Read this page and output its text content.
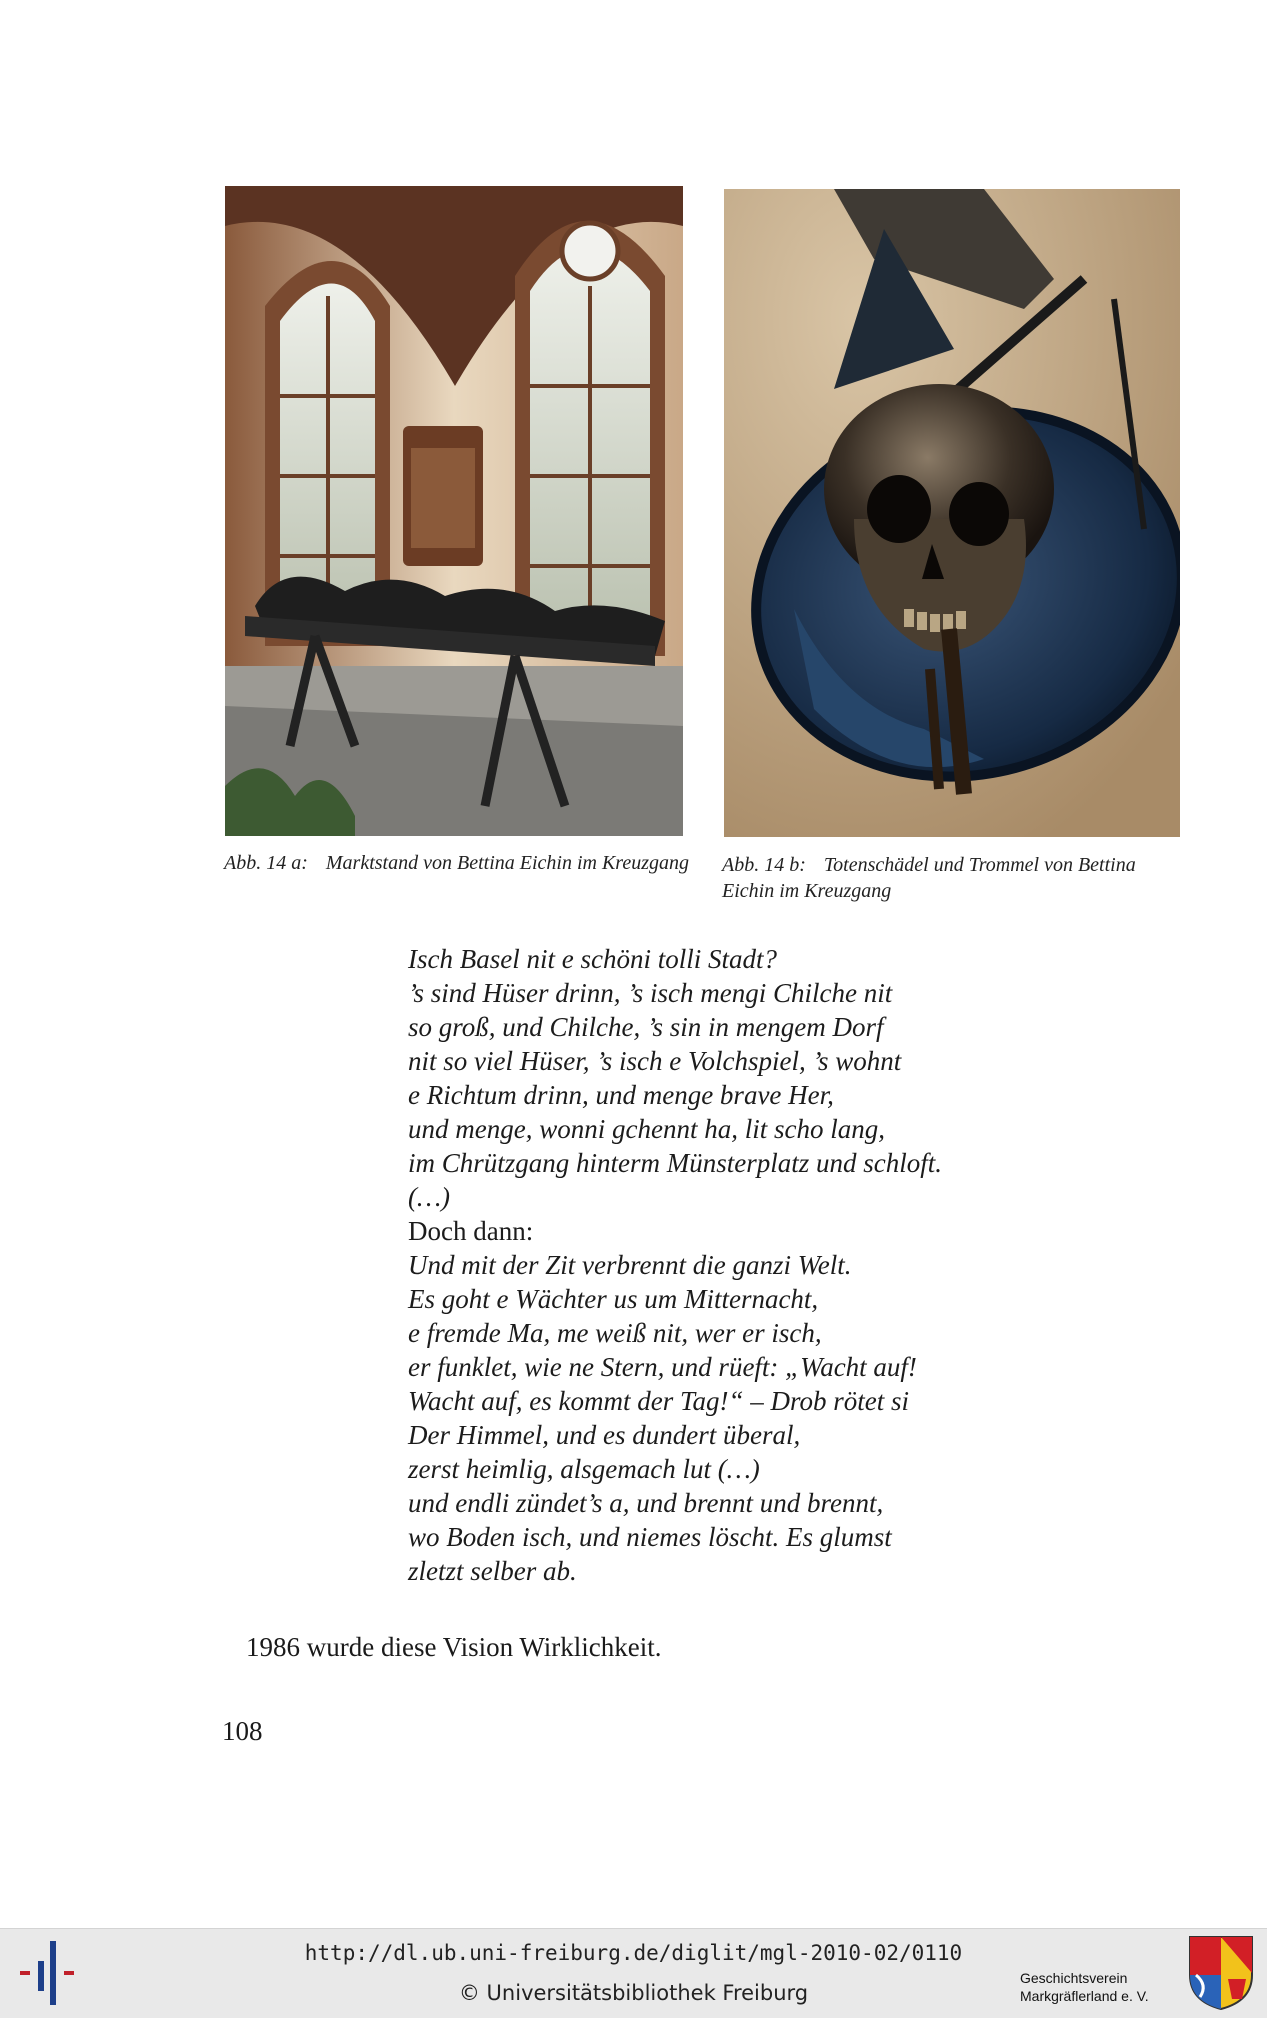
Abb. 14 a: Marktstand von Bettina Eichin im Kreuzgang Abb. 14 b: Totenschädel und Trommel von Bettina Eichin im Kreuzgang
Isch Basel nit e schöni tolli Stadt?
’s sind Hüser drinn, ’s isch mengi Chilche nit
so groß, und Chilche, ’s sin in mengem Dorf
nit so viel Hüser, ’s isch e Volchspiel, ’s wohnt
e Richtum drinn, und menge brave Her,
und menge, wonni gchennt ha, lit scho lang,
im Chrützgang hinterm Münsterplatz und schloft.
(…)
Doch dann:
Und mit der Zit verbrennt die ganzi Welt.
Es goht e Wächter us um Mitternacht,
e fremde Ma, me weiß nit, wer er isch,
er funklet, wie ne Stern, und rüeft: „Wacht auf!
Wacht auf, es kommt der Tag!“ – Drob rötet si
Der Himmel, und es dundert überal,
zerst heimlig, alsgemach lut (…)
und endli zündet’s a, und brennt und brennt,
wo Boden isch, und niemes löscht. Es glumst
zletzt selber ab.
1986 wurde diese Vision Wirklichkeit.
108
http://dl.ub.uni-freiburg.de/diglit/mgl-2010-02/0110
© Universitätsbibliothek Freiburg
Geschichtsverein
Markgräflerland e. V.
